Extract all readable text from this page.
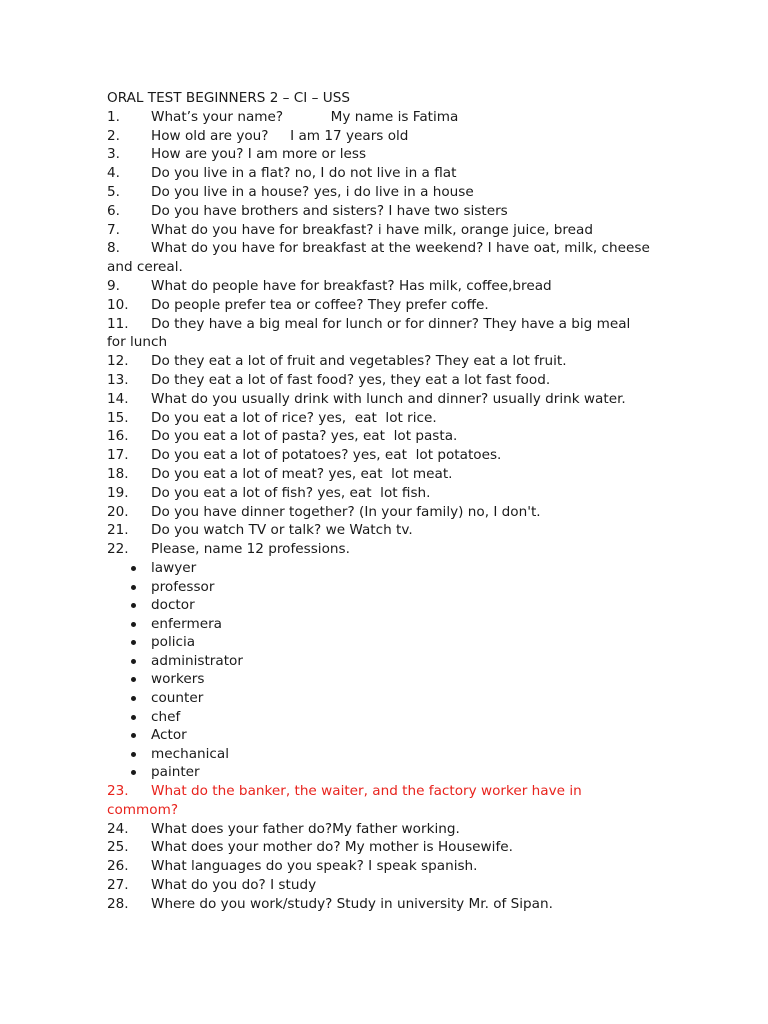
ORAL TEST BEGINNERS 2 – CI – USS
1.	What’s your name?           My name is Fatima
2.	How old are you?     I am 17 years old
3.	How are you? I am more or less
4.	Do you live in a flat? no, I do not live in a flat
5.	Do you live in a house? yes, i do live in a house
6.	Do you have brothers and sisters? I have two sisters
7.	What do you have for breakfast? i have milk, orange juice, bread
8.	What do you have for breakfast at the weekend? I have oat, milk, cheese
and cereal.
9.	What do people have for breakfast? Has milk, coffee,bread
10.	Do people prefer tea or coffee? They prefer coffe.
11.	Do they have a big meal for lunch or for dinner? They have a big meal
for lunch
12.	Do they eat a lot of fruit and vegetables? They eat a lot fruit.
13.	Do they eat a lot of fast food? yes, they eat a lot fast food.
14.	What do you usually drink with lunch and dinner? usually drink water.
15.	Do you eat a lot of rice? yes,  eat  lot rice.
16.	Do you eat a lot of pasta? yes, eat  lot pasta.
17.	Do you eat a lot of potatoes? yes, eat  lot potatoes.
18.	Do you eat a lot of meat? yes, eat  lot meat.
19.	Do you eat a lot of fish? yes, eat  lot fish.
20.	Do you have dinner together? (In your family) no, I don't.
21.	Do you watch TV or talk? we Watch tv.
22.	Please, name 12 professions.
lawyer
professor
doctor
enfermera
policia
administrator
workers
counter
chef
Actor
mechanical
painter
23.	What do the banker, the waiter, and the factory worker have in
commom?
24.	What does your father do?My father working.
25.	What does your mother do? My mother is Housewife.
26.	What languages do you speak? I speak spanish.
27.	What do you do? I study
28.	Where do you work/study? Study in university Mr. of Sipan.
